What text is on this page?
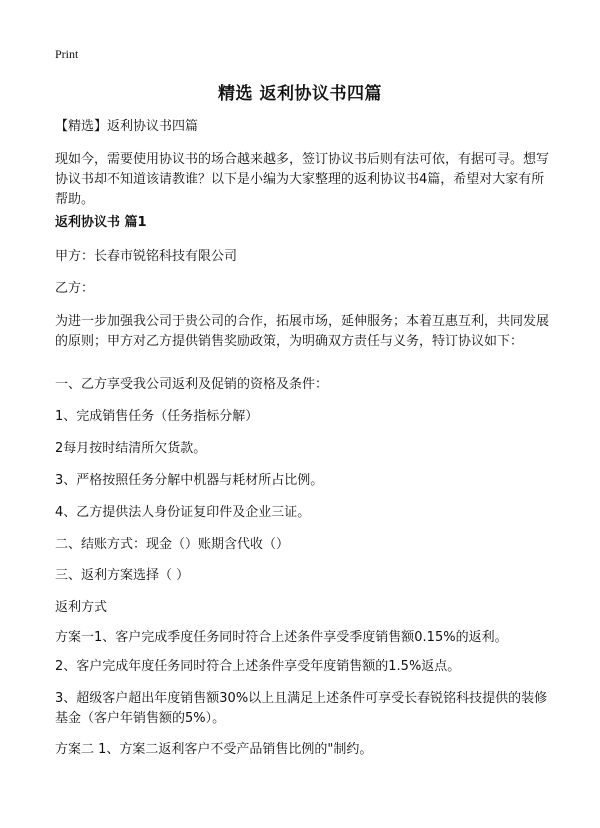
Print
精选 返利协议书四篇
【精选】返利协议书四篇
现如今，需要使用协议书的场合越来越多，签订协议书后则有法可依，有据可寻。想写协议书却不知道该请教谁？以下是小编为大家整理的返利协议书4篇，希望对大家有所帮助。
返利协议书 篇1
甲方：长春市锐铭科技有限公司
乙方：
为进一步加强我公司于贵公司的合作，拓展市场，延伸服务；本着互惠互利，共同发展的原则；甲方对乙方提供销售奖励政策，为明确双方责任与义务，特订协议如下：
一、乙方享受我公司返利及促销的资格及条件：
1、完成销售任务（任务指标分解）
2每月按时结清所欠货款。
3、严格按照任务分解中机器与耗材所占比例。
4、乙方提供法人身份证复印件及企业三证。
二、结账方式：现金（）账期含代收（）
三、返利方案选择（ ）
返利方式
方案一1、客户完成季度任务同时符合上述条件享受季度销售额0.15%的返利。
2、客户完成年度任务同时符合上述条件享受年度销售额的1.5%返点。
3、超级客户超出年度销售额30%以上且满足上述条件可享受长春锐铭科技提供的装修基金（客户年销售额的5%）。
方案二 1、方案二返利客户不受产品销售比例的"制约。
